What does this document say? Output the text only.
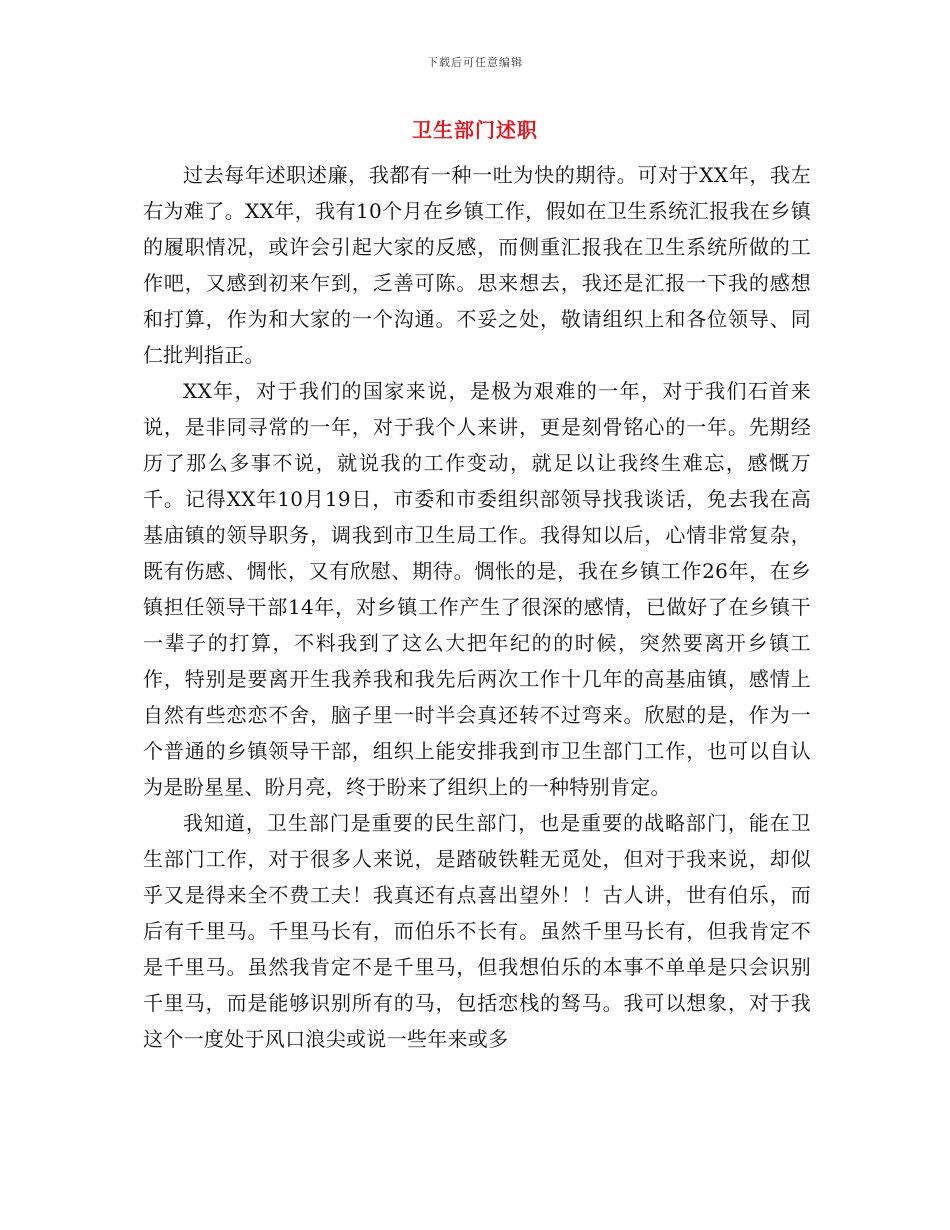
下载后可任意编辑
卫生部门述职

过去每年述职述廉，我都有一种一吐为快的期待。可对于XX年，我左右为难了。XX年，我有10个月在乡镇工作，假如在卫生系统汇报我在乡镇的履职情况，或许会引起大家的反感，而侧重汇报我在卫生系统所做的工作吧，又感到初来乍到，乏善可陈。思来想去，我还是汇报一下我的感想和打算，作为和大家的一个沟通。不妥之处，敬请组织上和各位领导、同仁批判指正。

XX年，对于我们的国家来说，是极为艰难的一年，对于我们石首来说，是非同寻常的一年，对于我个人来讲，更是刻骨铭心的一年。先期经历了那么多事不说，就说我的工作变动，就足以让我终生难忘，感慨万千。记得XX年10月19日，市委和市委组织部领导找我谈话，免去我在高基庙镇的领导职务，调我到市卫生局工作。我得知以后，心情非常复杂，既有伤感、惆怅，又有欣慰、期待。惆怅的是，我在乡镇工作26年，在乡镇担任领导干部14年，对乡镇工作产生了很深的感情，已做好了在乡镇干一辈子的打算，不料我到了这么大把年纪的的时候，突然要离开乡镇工作，特别是要离开生我养我和我先后两次工作十几年的高基庙镇，感情上自然有些恋恋不舍，脑子里一时半会真还转不过弯来。欣慰的是，作为一个普通的乡镇领导干部，组织上能安排我到市卫生部门工作，也可以自认为是盼星星、盼月亮，终于盼来了组织上的一种特别肯定。

我知道，卫生部门是重要的民生部门，也是重要的战略部门，能在卫生部门工作，对于很多人来说，是踏破铁鞋无觅处，但对于我来说，却似乎又是得来全不费工夫！我真还有点喜出望外！！古人讲，世有伯乐，而后有千里马。千里马长有，而伯乐不长有。虽然千里马长有，但我肯定不是千里马。虽然我肯定不是千里马，但我想伯乐的本事不单单是只会识别千里马，而是能够识别所有的马，包括恋栈的驽马。我可以想象，对于我这个一度处于风口浪尖或说一些年来或多
